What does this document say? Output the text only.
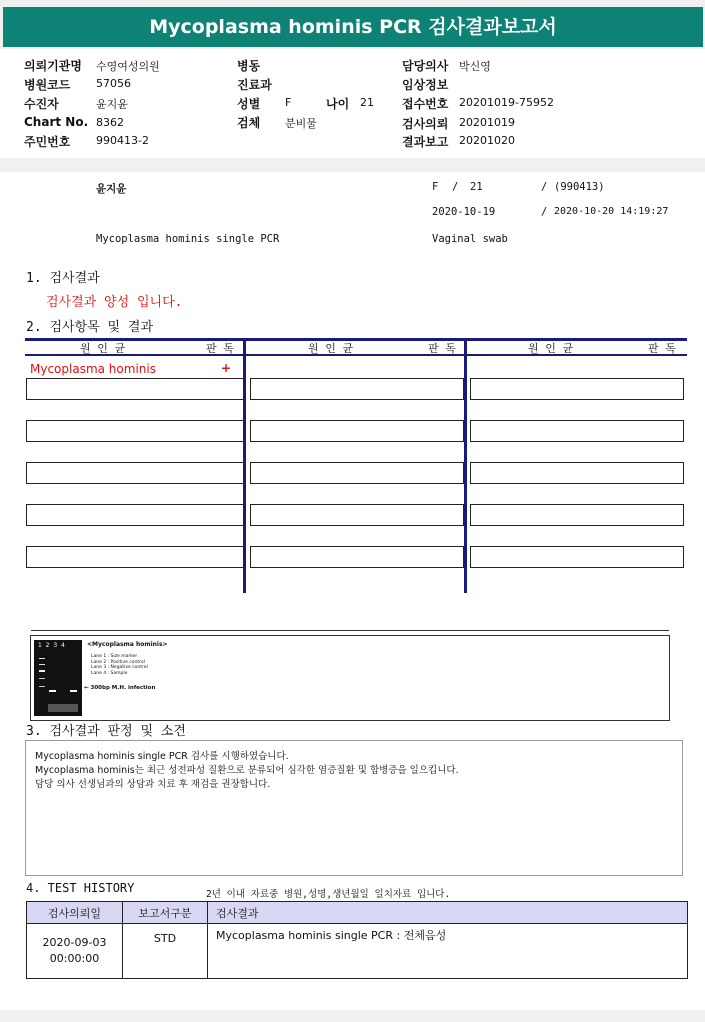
Mycoplasma hominis PCR 검사결과보고서
의뢰기관명 수영여성의원
병원코드 57056
수진자	윤지윤
Chart No. 8362
주민번호 990413-2
병동
진료과
성별 F	나이 21
검체 분비물
담당의사 박신영
임상정보
접수번호 20201019-75952
검사의뢰 20201019
결과보고 20201020
윤지윤	F / 21	/ (990413)
2020-10-19	/ 2020-10-20 14:19:27
Mycoplasma hominis single PCR	Vaginal swab
1. 검사결과
검사결과 양성 입니다.
2. 검사항목 및 결과
원 인 균	판 독	원 인 균	판 독	원 인 균	판 독
Mycoplasma hominis	+
1 2 3 4	<Mycoplasma hominis>
Lane 1 : Size marker
Lane 2 : Positive control
Lane 3 : Negative control
Lane 4 : Sample
← 300bp M.H. infection
3. 검사결과 판정 및 소견
Mycoplasma hominis single PCR 검사를 시행하였습니다.
Mycoplasma hominis는 최근 성전파성 질환으로 분류되어 심각한 염증질환 및 합병증을 일으킵니다.
담당 의사 선생님과의 상담과 치료 후 재검을 권장합니다.
4. TEST HISTORY	2년 이내 자료중 병원,성명,생년월일 일치자료 입니다.
검사의뢰일	보고서구분	검사결과

2020-09-03
00:00:00	STD	Mycoplasma hominis single PCR : 전체음성
